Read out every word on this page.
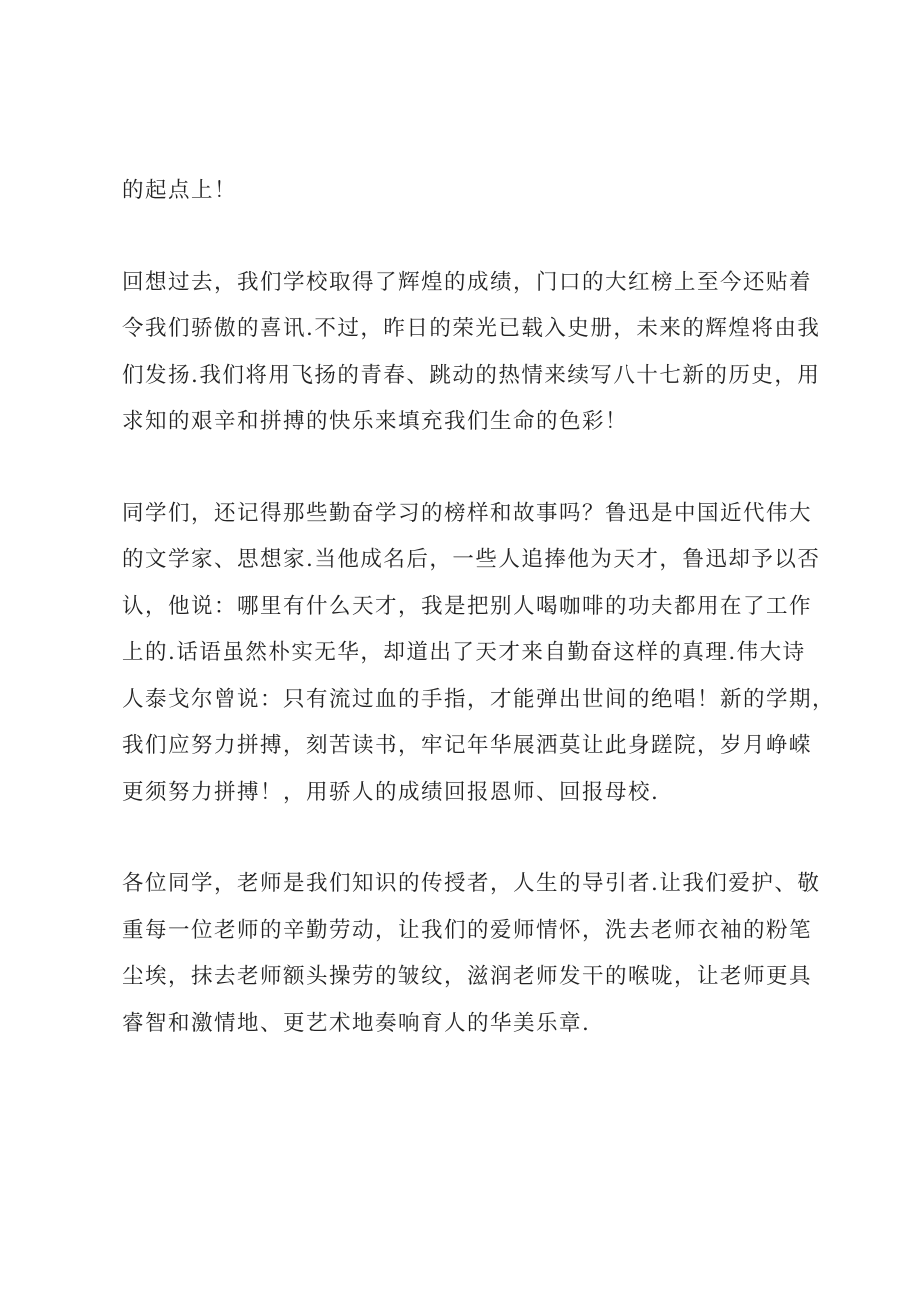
的起点上！
回想过去，我们学校取得了辉煌的成绩，门口的大红榜上至今还贴着
令我们骄傲的喜讯.不过，昨日的荣光已载入史册，未来的辉煌将由我
们发扬.我们将用飞扬的青春、跳动的热情来续写八十七新的历史，用
求知的艰辛和拼搏的快乐来填充我们生命的色彩！
同学们，还记得那些勤奋学习的榜样和故事吗？鲁迅是中国近代伟大
的文学家、思想家.当他成名后，一些人追捧他为天才，鲁迅却予以否
认，他说：哪里有什么天才，我是把别人喝咖啡的功夫都用在了工作
上的.话语虽然朴实无华，却道出了天才来自勤奋这样的真理.伟大诗
人泰戈尔曾说：只有流过血的手指，才能弹出世间的绝唱！新的学期，
我们应努力拼搏，刻苦读书，牢记年华展洒莫让此身蹉院，岁月峥嵘
更须努力拼搏！，用骄人的成绩回报恩师、回报母校.
各位同学，老师是我们知识的传授者，人生的导引者.让我们爱护、敬
重每一位老师的辛勤劳动，让我们的爱师情怀，洗去老师衣袖的粉笔
尘埃，抹去老师额头操劳的皱纹，滋润老师发干的喉咙，让老师更具
睿智和激情地、更艺术地奏响育人的华美乐章.
